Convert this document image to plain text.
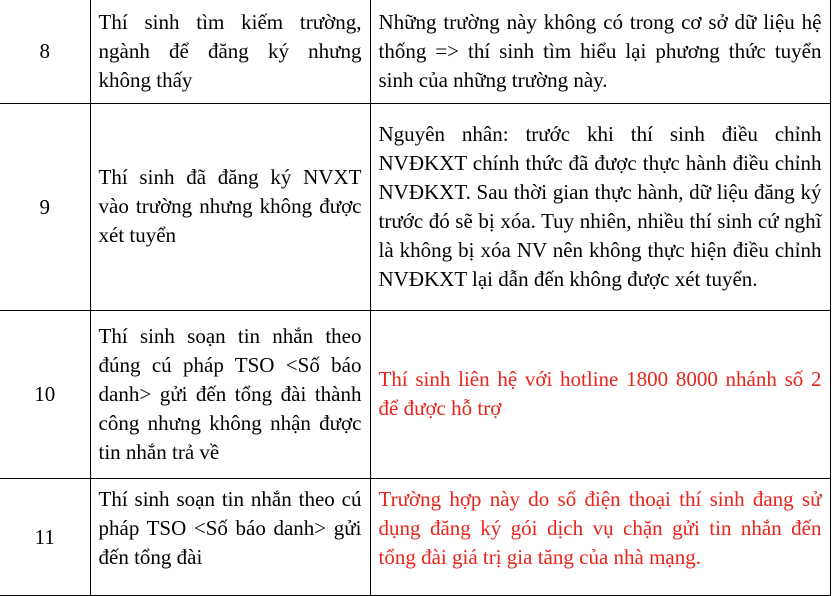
8	Thí sinh tìm kiếm trường, ngành để đăng ký nhưng không thấy	Những trường này không có trong cơ sở dữ liệu hệ thống => thí sinh tìm hiểu lại phương thức tuyển sinh của những trường này.
9	Thí sinh đã đăng ký NVXT vào trường nhưng không được xét tuyển	Nguyên nhân: trước khi thí sinh điều chỉnh NVĐKXT chính thức đã được thực hành điều chỉnh NVĐKXT. Sau thời gian thực hành, dữ liệu đăng ký trước đó sẽ bị xóa. Tuy nhiên, nhiều thí sinh cứ nghĩ là không bị xóa NV nên không thực hiện điều chỉnh NVĐKXT lại dẫn đến không được xét tuyển.
10	Thí sinh soạn tin nhắn theo đúng cú pháp TSO <Số báo danh> gửi đến tổng đài thành công nhưng không nhận được tin nhắn trả về	Thí sinh liên hệ với hotline 1800 8000 nhánh số 2 để được hỗ trợ
11	Thí sinh soạn tin nhắn theo cú pháp TSO <Số báo danh> gửi đến tổng đài	Trường hợp này do số điện thoại thí sinh đang sử dụng đăng ký gói dịch vụ chặn gửi tin nhắn đến tổng đài giá trị gia tăng của nhà mạng.
